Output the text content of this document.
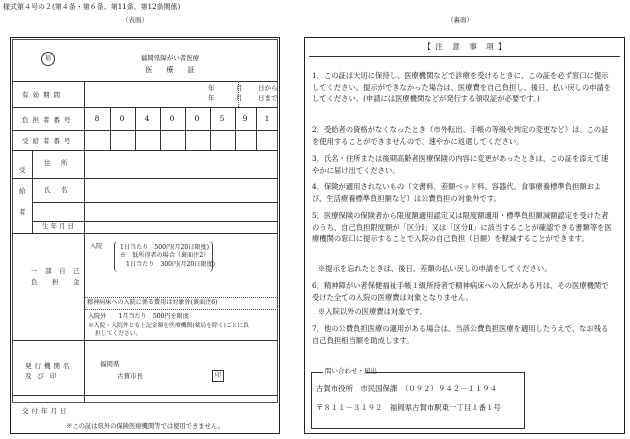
様式第４号の２(第４条・第６条、第11条、第12条関係)
（表面）	（裏面）
福	福岡県障がい者医療
医　　療　　証
有効期間
年	月 日から
年	月 日まで
負担者番号	8	0	4	0	0	5	9	1
受給者番号
受
給
者
住　所
氏　名
生年月日
一 部 自 己
負 担 金
入院	1日当たり　500円(月20日限度)
※　低所得者の場合（裏面注2）
1日当たり　300円(月20日限度)
精神病床への入院に係る費用は対象外(裏面注6)
入院外　　1月当たり　500円を限度
※入院・入院外とも上記金額を医療機関(薬局を除く)ごとに負
担してください。
発行機関名
及び印
福岡県
古賀市長	印
交付年月日
※この証は県外の保険医療機関等では使用できません。
【 注　意　事　項 】
1．この証は大切に保持し、医療機関などで診療を受けるときに、この証を必ず窓口に提示してください。提示ができなかった場合は、医療費を自己負担し、後日、払い戻しの申請をしてください。(申請には医療機関などが発行する領収証が必要です。)
2．受給者の資格がなくなったとき（市外転出、手帳の等級や判定の変更など）は、この証を使用することができませんので、速やかに返還してください。
3．氏名・住所または後期高齢者医療保険の内容に変更があったときは、この証を添えて速やかに届け出てください。
4．保険が適用されないもの（文書料、差額ベッド料、容器代、食事療養標準負担額および、生活療養標準負担額など）は公費負担の対象外です。
5．医療保険の保険者から限度額適用認定又は限度額適用・標準負担額減額認定を受けた者のうち、自己負担限度額が「区分Ⅰ」又は「区分Ⅱ」に該当することが確認できる書類等を医療機関の窓口に提示することで入院の自己負担（日額）を軽減することができます。
※提示を忘れたときは、後日、差額の払い戻しの申請をしてください。
6．精神障がい者保健福祉手帳１級所持者で精神病床への入院がある月は、その医療機関で受けた全ての入院の医療費は対象となりません。
※入院以外の医療費は対象です。
7．他の公費負担医療の適用がある場合は、当該公費負担医療を適用したうえで、なお残る自己負担相当額を助成します。
問い合わせ・届出
古賀市役所　市民国保課　（０９２）９４２－１１９４
〒８１１－３１９２　福岡県古賀市駅東一丁目１番１号
